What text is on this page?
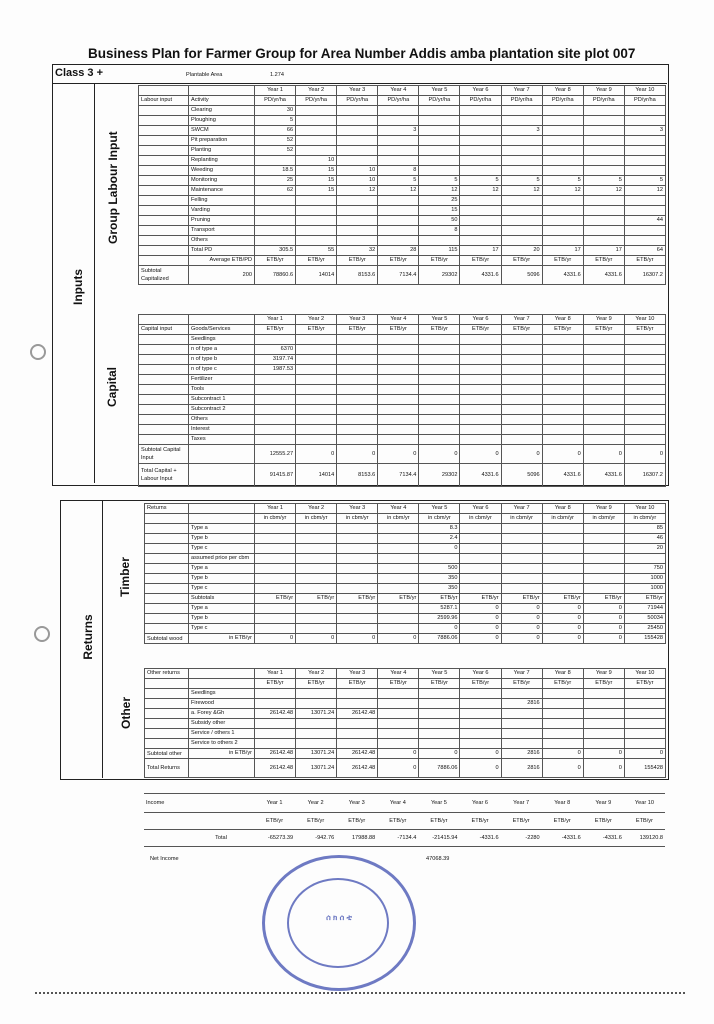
Business Plan for Farmer Group for Area Number Addis amba plantation site plot 007
Class 3 +	Plantable Area	1.274
Inputs
Group Labour Input
Capital
		Year 1	Year 2	Year 3	Year 4	Year 5	Year 6	Year 7	Year 8	Year 9	Year 10
Labour input	Activity	PD/yr/ha	PD/yr/ha	PD/yr/ha	PD/yr/ha	PD/yr/ha	PD/yr/ha	PD/yr/ha	PD/yr/ha	PD/yr/ha	PD/yr/ha
	Clearing	30									
	Ploughing	5									
	SWCM	66			3			3			3
	Pit preparation	52									
	Planting	52									
	Replanting		10								
	Weeding	18.5	15	10	8						
	Monitoring	25	15	10	5	5	5	5	5	5	5
	Maintenance	62	15	12	12	12	12	12	12	12	12
	Felling					25					
	Varding					15					
	Pruning					50					44
	Transport					8					
	Others										
	Total PD	305.5	55	32	28	115	17	20	17	17	64
	Average ETB/PD	ETB/yr	ETB/yr	ETB/yr	ETB/yr	ETB/yr	ETB/yr	ETB/yr	ETB/yr	ETB/yr	ETB/yr
Subtotal Capitalized	200	78860.6	14014	8153.6	7134.4	29302	4331.6	5096	4331.6	4331.6	16307.2
		Year 1	Year 2	Year 3	Year 4	Year 5	Year 6	Year 7	Year 8	Year 9	Year 10
Capital input	Goods/Services	ETB/yr	ETB/yr	ETB/yr	ETB/yr	ETB/yr	ETB/yr	ETB/yr	ETB/yr	ETB/yr	ETB/yr
	Seedlings										
	n of type a	6370									
	n of type b	3197.74									
	n of type c	1987.53									
	Fertilizer										
	Tools										
	Subcontract 1										
	Subcontract 2										
	Others										
	Interest										
	Taxes										
Subtotal Capital Input		12555.27	0	0	0	0	0	0	0	0	0
Total Capital + Labour Input		91415.87	14014	8153.6	7134.4	29302	4331.6	5096	4331.6	4331.6	16307.2
Returns
Timber
Other
Returns		Year 1	Year 2	Year 3	Year 4	Year 5	Year 6	Year 7	Year 8	Year 9	Year 10
		in cbm/yr	in cbm/yr	in cbm/yr	in cbm/yr	in cbm/yr	in cbm/yr	in cbm/yr	in cbm/yr	in cbm/yr	in cbm/yr
	Type a					8.3					85
	Type b					2.4					46
	Type c					0					20
	assumed price per cbm										
	Type a					500					750
	Type b					350					1000
	Type c					350					1000
	Subtotals	ETB/yr	ETB/yr	ETB/yr	ETB/yr	ETB/yr	ETB/yr	ETB/yr	ETB/yr	ETB/yr	ETB/yr
	Type a					5287.1	0	0	0	0	71944
	Type b					2599.96	0	0	0	0	50034
	Type c					0	0	0	0	0	25450
Subtotal wood	in ETB/yr	0	0	0	0	7886.06	0	0	0	0	155428
Other returns		Year 1	Year 2	Year 3	Year 4	Year 5	Year 6	Year 7	Year 8	Year 9	Year 10
		ETB/yr	ETB/yr	ETB/yr	ETB/yr	ETB/yr	ETB/yr	ETB/yr	ETB/yr	ETB/yr	ETB/yr
	Seedlings										
	Firewood							2816			
	a. Forey &Gh	26142.48	13071.24	26142.48							
	Subsidy other										
	Service / others 1										
	Service to others 2										
Subtotal other	in ETB/yr	26142.48	13071.24	26142.48	0	0	0	2816	0	0	0
Total Returns		26142.48	13071.24	26142.48	0	7886.06	0	2816	0	0	155428
Income		Year 1	Year 2	Year 3	Year 4	Year 5	Year 6	Year 7	Year 8	Year 9	Year 10
		ETB/yr	ETB/yr	ETB/yr	ETB/yr	ETB/yr	ETB/yr	ETB/yr	ETB/yr	ETB/yr	ETB/yr
	Total	-65273.39	-942.76	17988.88	-7134.4	-21415.94	-4331.6	-2280	-4331.6	-4331.6	139120.8
Net Income	47068.39
ሰ ክ ሰ ቲ
